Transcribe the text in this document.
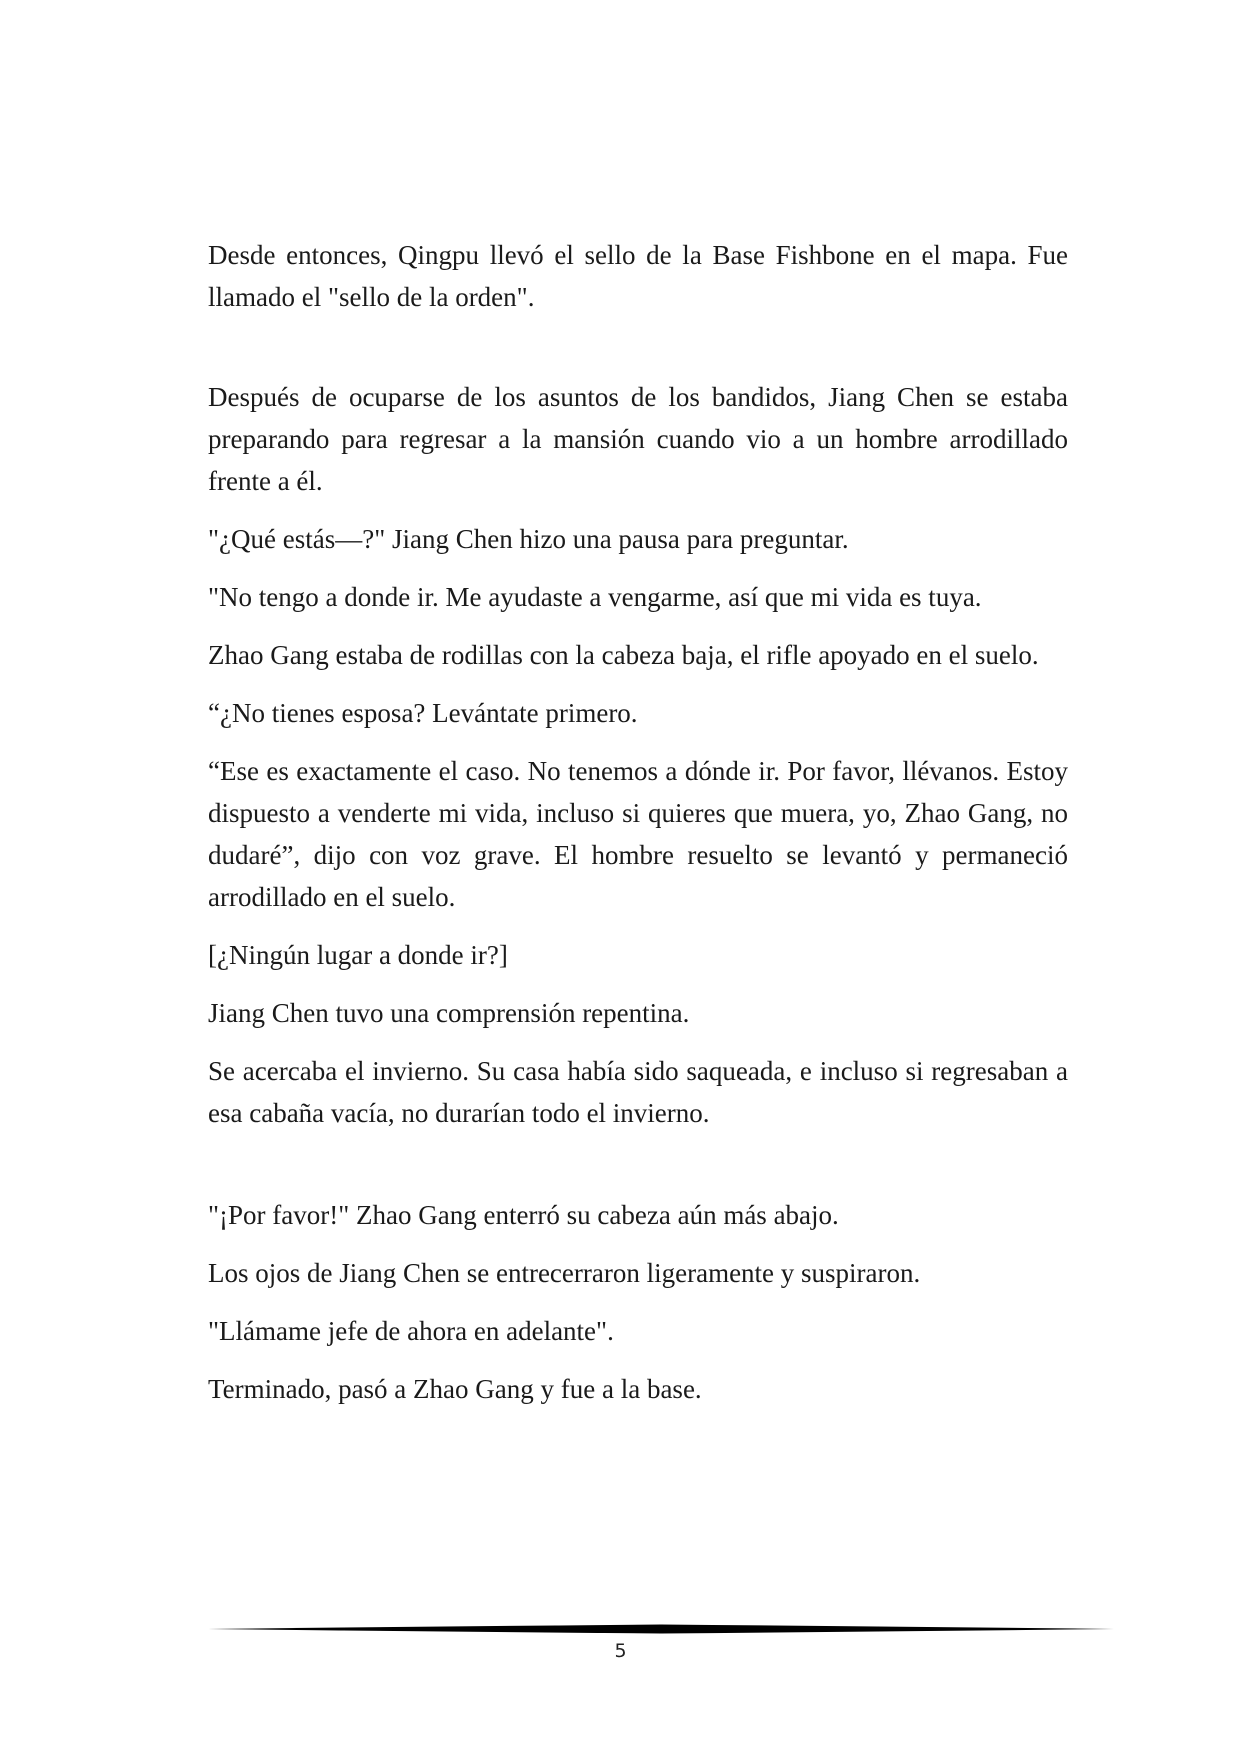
Desde entonces, Qingpu llevó el sello de la Base Fishbone en el mapa. Fue llamado el "sello de la orden".

Después de ocuparse de los asuntos de los bandidos, Jiang Chen se estaba preparando para regresar a la mansión cuando vio a un hombre arrodillado frente a él.

"¿Qué estás—?" Jiang Chen hizo una pausa para preguntar.

"No tengo a donde ir. Me ayudaste a vengarme, así que mi vida es tuya.

Zhao Gang estaba de rodillas con la cabeza baja, el rifle apoyado en el suelo.

“¿No tienes esposa? Levántate primero.

“Ese es exactamente el caso. No tenemos a dónde ir. Por favor, llévanos. Estoy dispuesto a venderte mi vida, incluso si quieres que muera, yo, Zhao Gang, no dudaré”, dijo con voz grave. El hombre resuelto se levantó y permaneció arrodillado en el suelo.

[¿Ningún lugar a donde ir?]

Jiang Chen tuvo una comprensión repentina.

Se acercaba el invierno. Su casa había sido saqueada, e incluso si regresaban a esa cabaña vacía, no durarían todo el invierno.

"¡Por favor!" Zhao Gang enterró su cabeza aún más abajo.

Los ojos de Jiang Chen se entrecerraron ligeramente y suspiraron.

"Llámame jefe de ahora en adelante".

Terminado, pasó a Zhao Gang y fue a la base.

5
